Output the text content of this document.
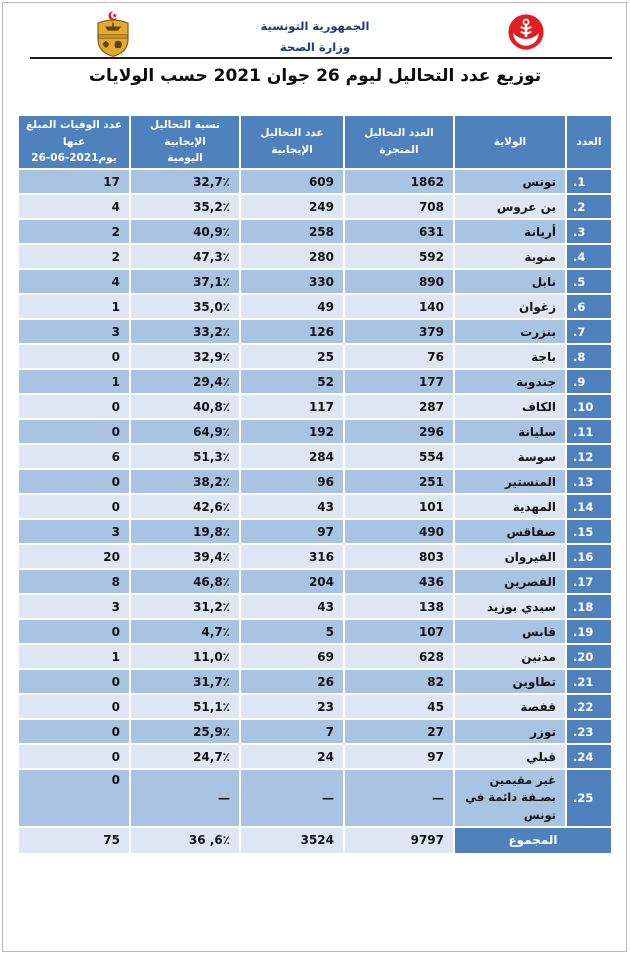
الجمهورية التونسية
وزارة الصحة
توزيع عدد التحاليل ليوم 26 جوان 2021 حسب الولايات
العدد

الولاية

العدد التحاليل المنجزة

عدد التحاليل
الإيجابية

نسبة التحاليل الإيجابية
اليومية

عدد الوفيات المبلغ عنها
يوم2021-06-26

1.	تونس	1862	609	32,7٪	17
2.	بن عروس	708	249	35,2٪	4
3.	أريانة	631	258	40,9٪	2
4.	منوبة	592	280	47,3٪	2
5.	نابل	890	330	37,1٪	4
6.	زغوان	140	49	35,0٪	1
7.	بنزرت	379	126	33,2٪	3
8.	باجة	76	25	32,9٪	0
9.	جندوبة	177	52	29,4٪	1
10.	الكاف	287	117	40,8٪	0
11.	سليانة	296	192	64,9٪	0
12.	سوسة	554	284	51,3٪	6
13.	المنستير	251	96	38,2٪	0
14.	المهدية	101	43	42,6٪	0
15.	صفاقس	490	97	19,8٪	3
16.	القيروان	803	316	39,4٪	20
17.	القصرين	436	204	46,8٪	8
18.	سيدي بوزيد	138	43	31,2٪	3
19.	قابس	107	5	4,7٪	0
20.	مدنين	628	69	11,0٪	1
21.	تطاوين	82	26	31,7٪	0
22.	قفصة	45	23	51,1٪	0
23.	توزر	27	7	25,9٪	0
24.	قبلي	97	24	24,7٪	0
25.	غير مقيمين بصـفة دائمة في تونس	—	—	—	0
المجموع		9797	3524	36 ,6٪	75
